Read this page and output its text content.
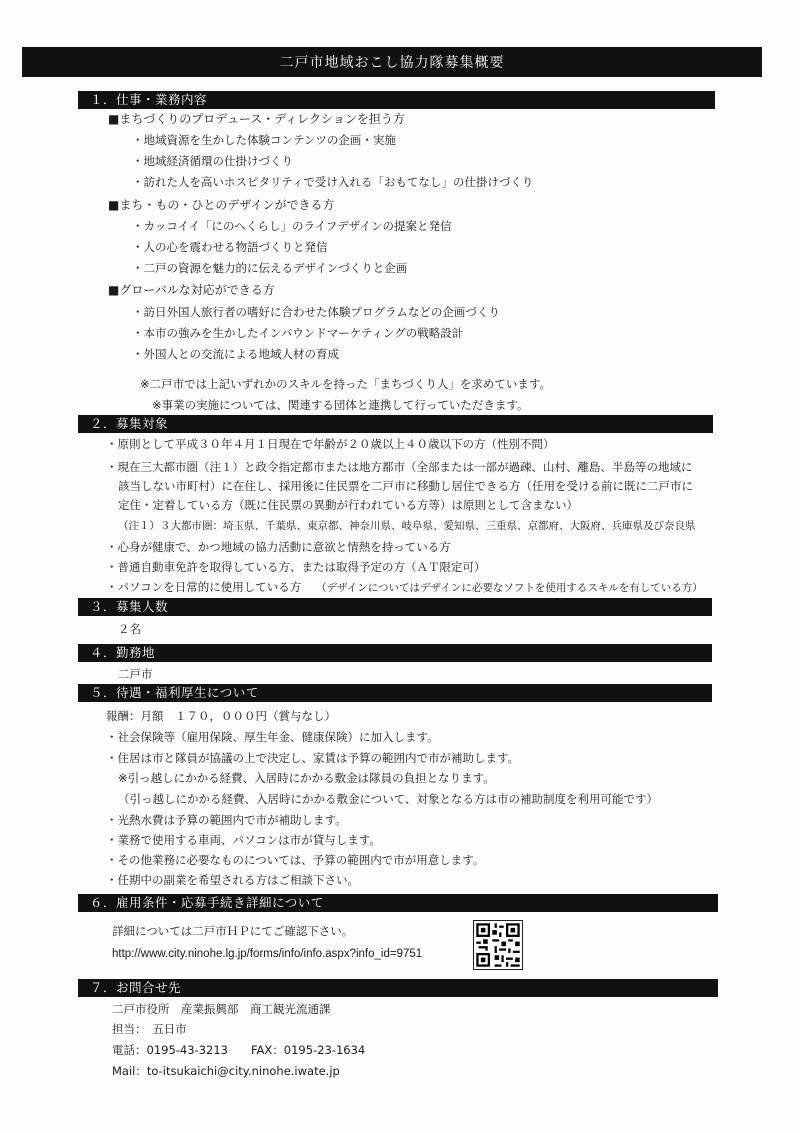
二戸市地域おこし協力隊募集概要
１．仕事・業務内容
■まちづくりのプロデュース・ディレクションを担う方
・地域資源を生かした体験コンテンツの企画・実施
・地域経済循環の仕掛けづくり
・訪れた人を高いホスピタリティで受け入れる「おもてなし」の仕掛けづくり
■まち・もの・ひとのデザインができる方
・カッコイイ「にのへくらし」のライフデザインの提案と発信
・人の心を震わせる物語づくりと発信
・二戸の資源を魅力的に伝えるデザインづくりと企画
■グローバルな対応ができる方
・訪日外国人旅行者の嗜好に合わせた体験プログラムなどの企画づくり
・本市の強みを生かしたインバウンドマーケティングの戦略設計
・外国人との交流による地域人材の育成
※二戸市では上記いずれかのスキルを持った「まちづくり人」を求めています。
※事業の実施については、関連する団体と連携して行っていただきます。
２．募集対象
・原則として平成３０年４月１日現在で年齢が２０歳以上４０歳以下の方（性別不問）
・現在三大都市圏（注１）と政令指定都市または地方都市（全部または一部が過疎、山村、離島、半島等の地域に
該当しない市町村）に在住し、採用後に住民票を二戸市に移動し居住できる方（任用を受ける前に既に二戸市に
定住・定着している方（既に住民票の異動が行われている方等）は原則として含まない）
（注１）３大都市圏：埼玉県、千葉県、東京都、神奈川県、岐阜県、愛知県、三重県、京都府、大阪府、兵庫県及び奈良県
・心身が健康で、かつ地域の協力活動に意欲と情熱を持っている方
・普通自動車免許を取得している方、または取得予定の方（ＡＴ限定可）
・パソコンを日常的に使用している方 （デザインについてはデザインに必要なソフトを使用するスキルを有している方）
３．募集人数
２名
４．勤務地
二戸市
５．待遇・福利厚生について
報酬：月額　１７０，０００円（賞与なし）
・社会保険等（雇用保険、厚生年金、健康保険）に加入します。
・住居は市と隊員が協議の上で決定し、家賃は予算の範囲内で市が補助します。
※引っ越しにかかる経費、入居時にかかる敷金は隊員の負担となります。
（引っ越しにかかる経費、入居時にかかる敷金について、対象となる方は市の補助制度を利用可能です）
・光熱水費は予算の範囲内で市が補助します。
・業務で使用する車両、パソコンは市が貸与します。
・その他業務に必要なものについては、予算の範囲内で市が用意します。
・任期中の副業を希望される方はご相談下さい。
６．雇用条件・応募手続き詳細について
詳細については二戸市ＨＰにてご確認下さい。
http://www.city.ninohe.lg.jp/forms/info/info.aspx?info_id=9751
７．お問合せ先
二戸市役所　産業振興部　商工観光流通課
担当：　五日市
電話：0195-43-3213　　FAX：0195-23-1634
Mail：to-itsukaichi@city.ninohe.iwate.jp
